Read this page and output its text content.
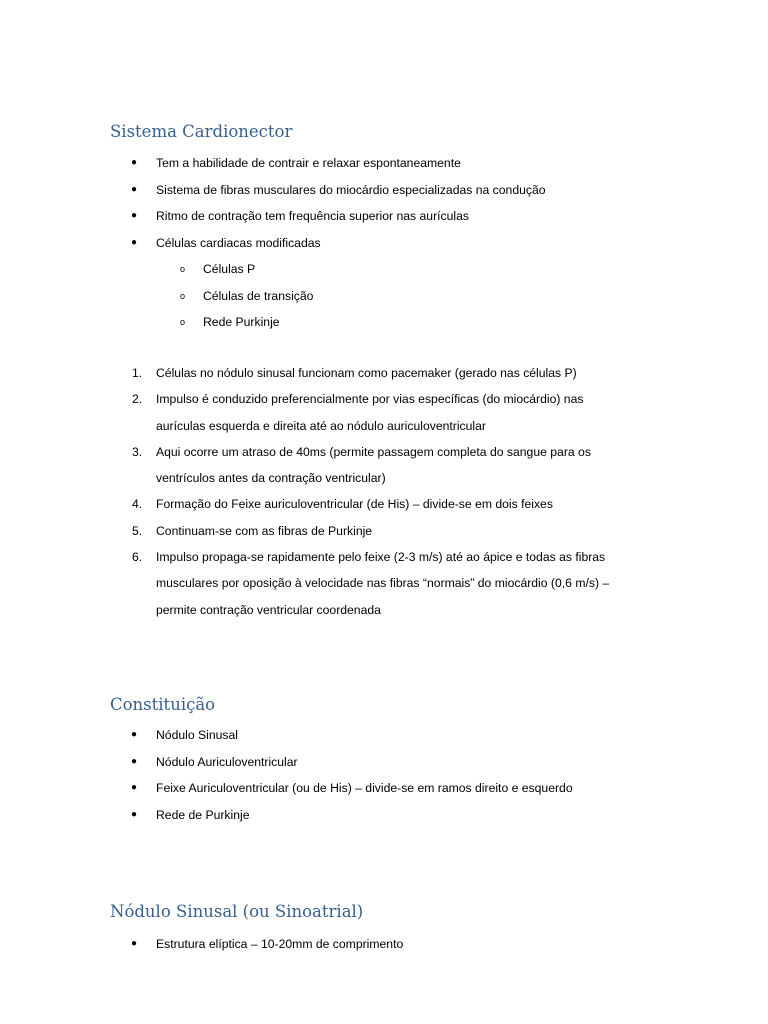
Sistema Cardionector
● Tem a habilidade de contrair e relaxar espontaneamente
● Sistema de fibras musculares do miocárdio especializadas na condução
● Ritmo de contração tem frequência superior nas aurículas
● Células cardiacas modificadas
o Células P
o Células de transição
o Rede Purkinje
1. Células no nódulo sinusal funcionam como pacemaker (gerado nas células P)
2. Impulso é conduzido preferencialmente por vias específicas (do miocárdio) nas
aurículas esquerda e direita até ao nódulo auriculoventricular
3. Aqui ocorre um atraso de 40ms (permite passagem completa do sangue para os
ventrículos antes da contração ventricular)
4. Formação do Feixe auriculoventricular (de His) – divide-se em dois feixes
5. Continuam-se com as fibras de Purkinje
6. Impulso propaga-se rapidamente pelo feixe (2-3 m/s) até ao ápice e todas as fibras
musculares por oposição à velocidade nas fibras “normais” do miocárdio (0,6 m/s) –
permite contração ventricular coordenada
Constituição
● Nódulo Sinusal
● Nódulo Auriculoventricular
● Feixe Auriculoventricular (ou de His) – divide-se em ramos direito e esquerdo
● Rede de Purkinje
Nódulo Sinusal (ou Sinoatrial)
● Estrutura elíptica – 10-20mm de comprimento
